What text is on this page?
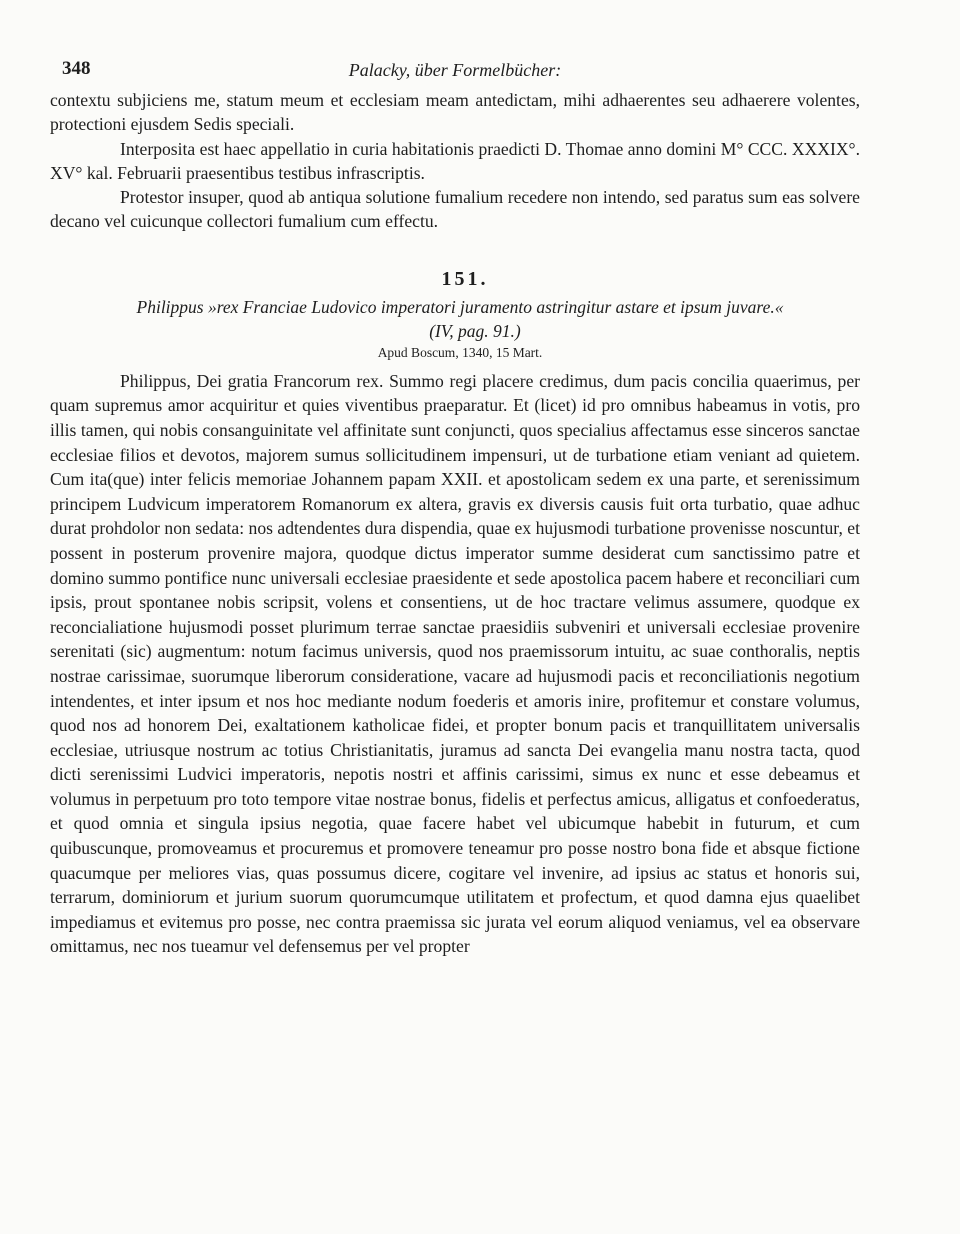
348	Palacky, über Formelbücher:

contextu subjiciens me, statum meum et ecclesiam meam antedictam, mihi adhaerentes seu adhaerere volentes, protectioni ejusdem Sedis speciali.

Interposita est haec appellatio in curia habitationis praedicti D. Thomae anno domini M° CCC. XXXIX°. XV° kal. Februarii praesentibus testibus infrascriptis.

Protestor insuper, quod ab antiqua solutione fumalium recedere non intendo, sed paratus sum eas solvere decano vel cuicunque collectori fumalium cum effectu.

151.
Philippus »rex Franciae Ludovico imperatori juramento astringitur astare et ipsum juvare.«
(IV, pag. 91.)
Apud Boscum, 1340, 15 Mart.

Philippus, Dei gratia Francorum rex. Summo regi placere credimus, dum pacis concilia quaerimus, per quam supremus amor acquiritur et quies viventibus praeparatur. Et (licet) id pro omnibus habeamus in votis, pro illis tamen, qui nobis consanguinitate vel affinitate sunt conjuncti, quos specialius affectamus esse sinceros sanctae ecclesiae filios et devotos, majorem sumus sollicitudinem impensuri, ut de turbatione etiam veniant ad quietem. Cum ita(que) inter felicis memoriae Johannem papam XXII. et apostolicam sedem ex una parte, et serenissimum principem Ludvicum imperatorem Romanorum ex altera, gravis ex diversis causis fuit orta turbatio, quae adhuc durat prohdolor non sedata: nos adtendentes dura dispendia, quae ex hujusmodi turbatione provenisse noscuntur, et possent in posterum provenire majora, quodque dictus imperator summe desiderat cum sanctissimo patre et domino summo pontifice nunc universali ecclesiae praesidente et sede apostolica pacem habere et reconciliari cum ipsis, prout spontanee nobis scripsit, volens et consentiens, ut de hoc tractare velimus assumere, quodque ex reconcialiatione hujusmodi posset plurimum terrae sanctae praesidiis subveniri et universali ecclesiae provenire serenitati (sic) augmentum: notum facimus universis, quod nos praemissorum intuitu, ac suae conthoralis, neptis nostrae carissimae, suorumque liberorum consideratione, vacare ad hujusmodi pacis et reconciliationis negotium intendentes, et inter ipsum et nos hoc mediante nodum foederis et amoris inire, profitemur et constare volumus, quod nos ad honorem Dei, exaltationem katholicae fidei, et propter bonum pacis et tranquillitatem universalis ecclesiae, utriusque nostrum ac totius Christianitatis, juramus ad sancta Dei evangelia manu nostra tacta, quod dicti serenissimi Ludvici imperatoris, nepotis nostri et affinis carissimi, simus ex nunc et esse debeamus et volumus in perpetuum pro toto tempore vitae nostrae bonus, fidelis et perfectus amicus, alligatus et confoederatus, et quod omnia et singula ipsius negotia, quae facere habet vel ubicumque habebit in futurum, et cum quibuscunque, promoveamus et procuremus et promovere teneamur pro posse nostro bona fide et absque fictione quacumque per meliores vias, quas possumus dicere, cogitare vel invenire, ad ipsius ac status et honoris sui, terrarum, dominiorum et jurium suorum quorumcumque utilitatem et profectum, et quod damna ejus quaelibet impediamus et evitemus pro posse, nec contra praemissa sic jurata vel eorum aliquod veniamus, vel ea observare omittamus, nec nos tueamur vel defensemus per vel propter
